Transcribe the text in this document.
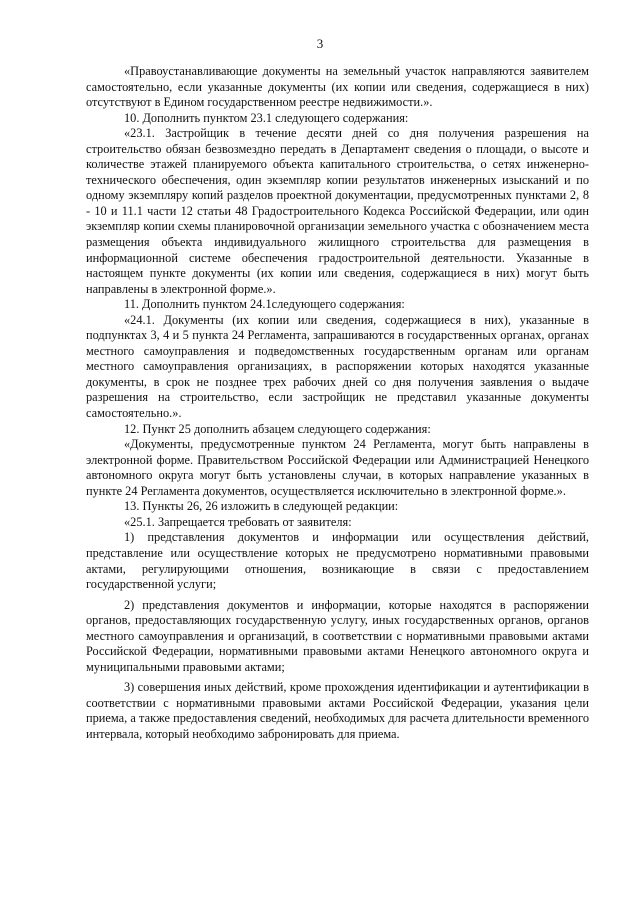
3

«Правоустанавливающие документы на земельный участок направляются заявителем самостоятельно, если указанные документы (их копии или сведения, содержащиеся в них) отсутствуют в Едином государственном реестре недвижимости.».

10. Дополнить пунктом 23.1 следующего содержания:

«23.1. Застройщик в течение десяти дней со дня получения разрешения на строительство обязан безвозмездно передать в Департамент сведения о площади, о высоте и количестве этажей планируемого объекта капитального строительства, о сетях инженерно-технического обеспечения, один экземпляр копии результатов инженерных изысканий и по одному экземпляру копий разделов проектной документации, предусмотренных пунктами 2, 8 - 10 и 11.1 части 12 статьи 48 Градостроительного Кодекса Российской Федерации, или один экземпляр копии схемы планировочной организации земельного участка с обозначением места размещения объекта индивидуального жилищного строительства для размещения в информационной системе обеспечения градостроительной деятельности. Указанные в настоящем пункте документы (их копии или сведения, содержащиеся в них) могут быть направлены в электронной форме.».

11. Дополнить пунктом 24.1следующего содержания:

«24.1. Документы (их копии или сведения, содержащиеся в них), указанные в подпунктах 3, 4 и 5 пункта 24 Регламента, запрашиваются в государственных органах, органах местного самоуправления и подведомственных государственным органам или органам местного самоуправления организациях, в распоряжении которых находятся указанные документы, в срок не позднее трех рабочих дней со дня получения заявления о выдаче разрешения на строительство, если застройщик не представил указанные документы самостоятельно.».

12. Пункт 25 дополнить абзацем следующего содержания:

«Документы, предусмотренные пунктом 24 Регламента, могут быть направлены в электронной форме. Правительством Российской Федерации или Администрацией Ненецкого автономного округа могут быть установлены случаи, в которых направление указанных в пункте 24 Регламента документов, осуществляется исключительно в электронной форме.».

13. Пункты 26, 26 изложить в следующей редакции:

«25.1. Запрещается требовать от заявителя:

1) представления документов и информации или осуществления действий, представление или осуществление которых не предусмотрено нормативными правовыми актами, регулирующими отношения, возникающие в связи с предоставлением государственной услуги;

2) представления документов и информации, которые находятся в распоряжении органов, предоставляющих государственную услугу, иных государственных органов, органов местного самоуправления и организаций, в соответствии с нормативными правовыми актами Российской Федерации, нормативными правовыми актами Ненецкого автономного округа и муниципальными правовыми актами;

3) совершения иных действий, кроме прохождения идентификации и аутентификации в соответствии с нормативными правовыми актами Российской Федерации, указания цели приема, а также предоставления сведений, необходимых для расчета длительности временного интервала, который необходимо забронировать для приема.
